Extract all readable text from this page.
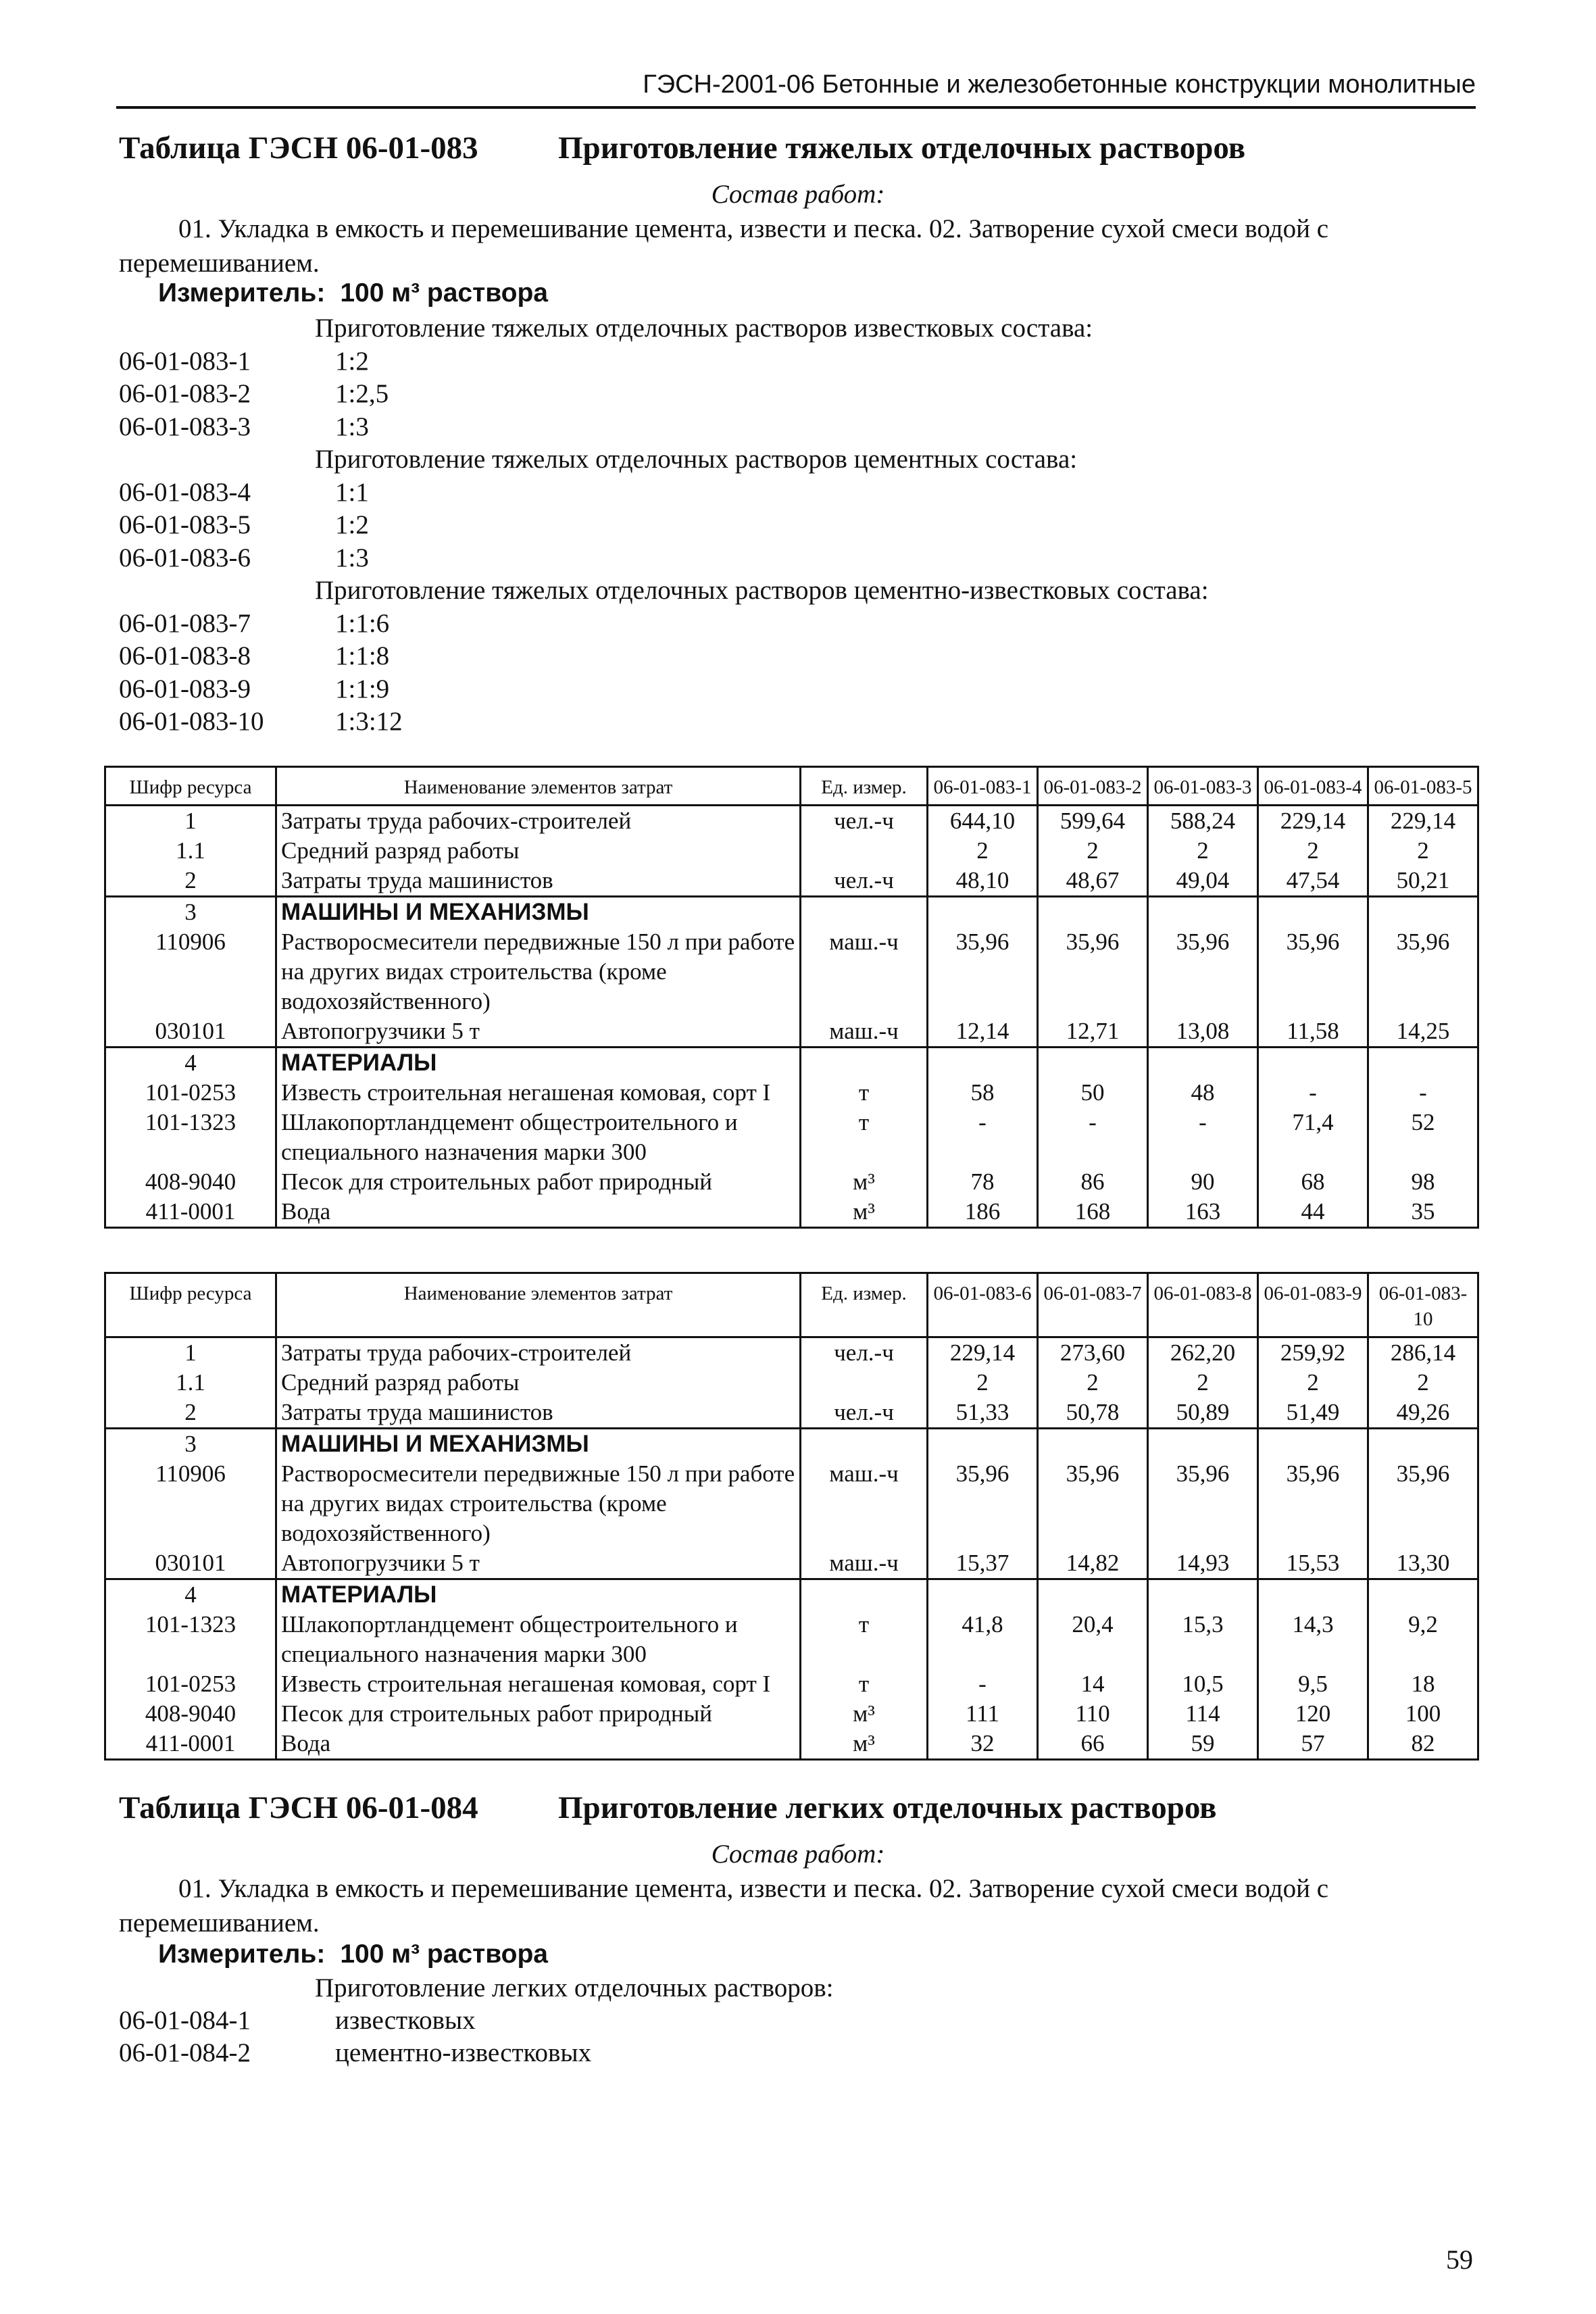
ГЭСН-2001-06 Бетонные и железобетонные конструкции монолитные
Таблица ГЭСН 06-01-083	Приготовление тяжелых отделочных растворов
Состав работ:
01. Укладка в емкость и перемешивание цемента, извести и песка. 02. Затворение сухой смеси водой с перемешиванием.
Измеритель: 100 м³ раствора
Приготовление тяжелых отделочных растворов известковых состава:
06-01-083-1	1:2
06-01-083-2	1:2,5
06-01-083-3	1:3
Приготовление тяжелых отделочных растворов цементных состава:
06-01-083-4	1:1
06-01-083-5	1:2
06-01-083-6	1:3
Приготовление тяжелых отделочных растворов цементно-известковых состава:
06-01-083-7	1:1:6
06-01-083-8	1:1:8
06-01-083-9	1:1:9
06-01-083-10	1:3:12
Шифр ресурса	Наименование элементов затрат	Ед. измер.	06-01-083-1	06-01-083-2	06-01-083-3	06-01-083-4	06-01-083-5
1	Затраты труда рабочих-строителей	чел.-ч	644,10	599,64	588,24	229,14	229,14
1.1	Средний разряд работы		2	2	2	2	2
2	Затраты труда машинистов	чел.-ч	48,10	48,67	49,04	47,54	50,21
3	МАШИНЫ И МЕХАНИЗМЫ						
110906	Растворосмесители передвижные 150 л при работе на других видах строительства (кроме водохозяйственного)	маш.-ч	35,96	35,96	35,96	35,96	35,96
030101	Автопогрузчики 5 т	маш.-ч	12,14	12,71	13,08	11,58	14,25
4	МАТЕРИАЛЫ						
101-0253	Известь строительная негашеная комовая, сорт I	т	58	50	48	-	-
101-1323	Шлакопортландцемент общестроительного и специального назначения марки 300	т	-	-	-	71,4	52
408-9040	Песок для строительных работ природный	м³	78	86	90	68	98
411-0001	Вода	м³	186	168	163	44	35
Шифр ресурса	Наименование элементов затрат	Ед. измер.	06-01-083-6	06-01-083-7	06-01-083-8	06-01-083-9	06-01-083-10
1	Затраты труда рабочих-строителей	чел.-ч	229,14	273,60	262,20	259,92	286,14
1.1	Средний разряд работы		2	2	2	2	2
2	Затраты труда машинистов	чел.-ч	51,33	50,78	50,89	51,49	49,26
3	МАШИНЫ И МЕХАНИЗМЫ						
110906	Растворосмесители передвижные 150 л при работе на других видах строительства (кроме водохозяйственного)	маш.-ч	35,96	35,96	35,96	35,96	35,96
030101	Автопогрузчики 5 т	маш.-ч	15,37	14,82	14,93	15,53	13,30
4	МАТЕРИАЛЫ						
101-1323	Шлакопортландцемент общестроительного и специального назначения марки 300	т	41,8	20,4	15,3	14,3	9,2
101-0253	Известь строительная негашеная комовая, сорт I	т	-	14	10,5	9,5	18
408-9040	Песок для строительных работ природный	м³	111	110	114	120	100
411-0001	Вода	м³	32	66	59	57	82
Таблица ГЭСН 06-01-084	Приготовление легких отделочных растворов
Состав работ:
01. Укладка в емкость и перемешивание цемента, извести и песка. 02. Затворение сухой смеси водой с перемешиванием.
Измеритель: 100 м³ раствора
Приготовление легких отделочных растворов:
06-01-084-1	известковых
06-01-084-2	цементно-известковых
59
